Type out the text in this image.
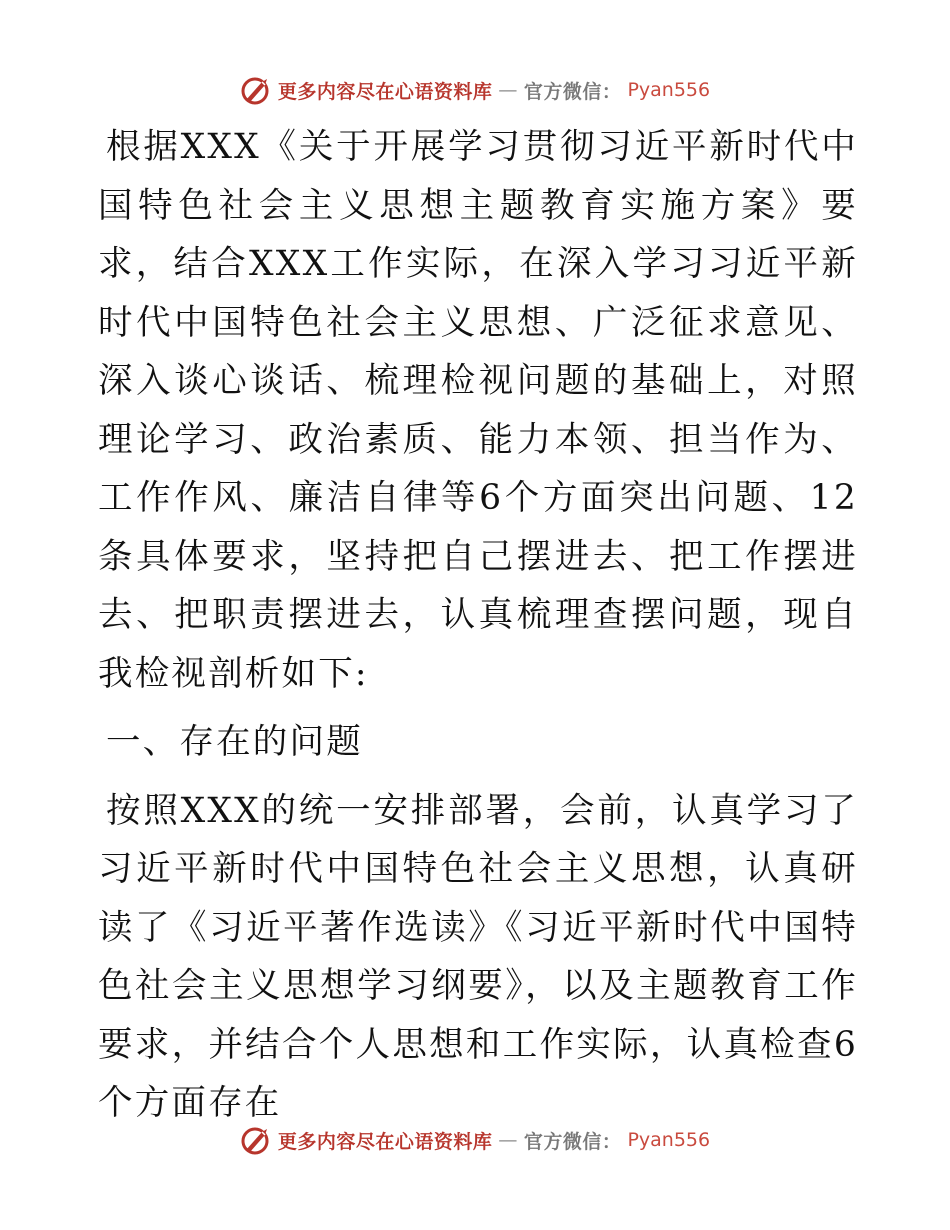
更多内容尽在心语资料库 — 官方微信： Pyan556

根据XXX《关于开展学习贯彻习近平新时代中国特色社会主义思想主题教育实施方案》要求，结合XXX工作实际，在深入学习习近平新时代中国特色社会主义思想、广泛征求意见、深入谈心谈话、梳理检视问题的基础上，对照理论学习、政治素质、能力本领、担当作为、工作作风、廉洁自律等6个方面突出问题、12条具体要求，坚持把自己摆进去、把工作摆进去、把职责摆进去，认真梳理查摆问题，现自我检视剖析如下:

一、存在的问题

按照XXX的统一安排部署，会前，认真学习了习近平新时代中国特色社会主义思想，认真研读了《习近平著作选读》《习近平新时代中国特色社会主义思想学习纲要》，以及主题教育工作要求，并结合个人思想和工作实际，认真检查6个方面存在

更多内容尽在心语资料库 — 官方微信： Pyan556
